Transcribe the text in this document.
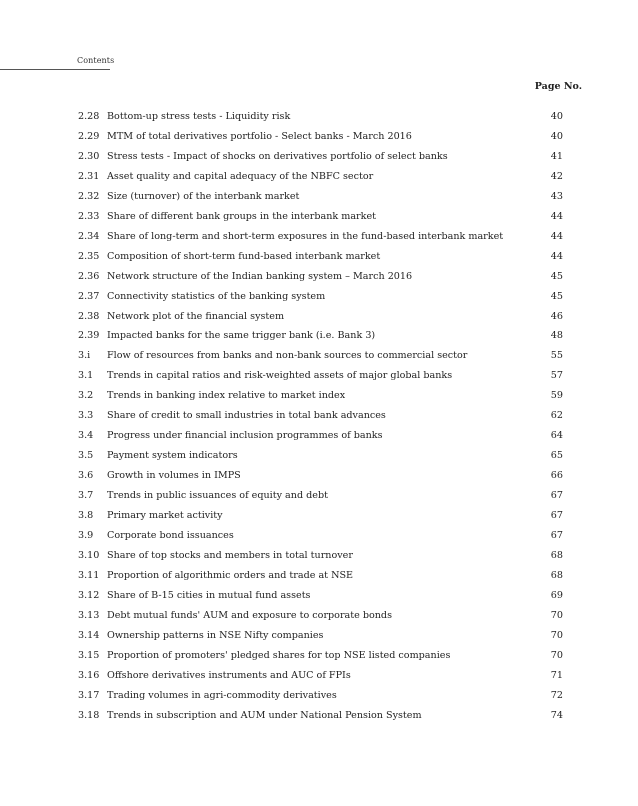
Contents
Page No.
2.28 Bottom-up stress tests - Liquidity risk	40
2.29 MTM of total derivatives portfolio - Select banks - March 2016	40
2.30 Stress tests - Impact of shocks on derivatives portfolio of select banks	41
2.31 Asset quality and capital adequacy of the NBFC sector	42
2.32 Size (turnover) of the interbank market	43
2.33 Share of different bank groups in the interbank market	44
2.34 Share of long-term and short-term exposures in the fund-based interbank market	44
2.35 Composition of short-term fund-based interbank market	44
2.36 Network structure of the Indian banking system – March 2016	45
2.37 Connectivity statistics of the banking system	45
2.38 Network plot of the financial system	46
2.39 Impacted banks for the same trigger bank (i.e. Bank 3)	48
3.i Flow of resources from banks and non-bank sources to commercial sector	55
3.1 Trends in capital ratios and risk-weighted assets of major global banks	57
3.2 Trends in banking index relative to market index	59
3.3 Share of credit to small industries in total bank advances	62
3.4 Progress under financial inclusion programmes of banks	64
3.5 Payment system indicators	65
3.6 Growth in volumes in IMPS	66
3.7 Trends in public issuances of equity and debt	67
3.8 Primary market activity	67
3.9 Corporate bond issuances	67
3.10 Share of top stocks and members in total turnover	68
3.11 Proportion of algorithmic orders and trade at NSE	68
3.12 Share of B-15 cities in mutual fund assets	69
3.13 Debt mutual funds' AUM and exposure to corporate bonds	70
3.14 Ownership patterns in NSE Nifty companies	70
3.15 Proportion of promoters' pledged shares for top NSE listed companies	70
3.16 Offshore derivatives instruments and AUC of FPIs	71
3.17 Trading volumes in agri-commodity derivatives	72
3.18 Trends in subscription and AUM under National Pension System	74
